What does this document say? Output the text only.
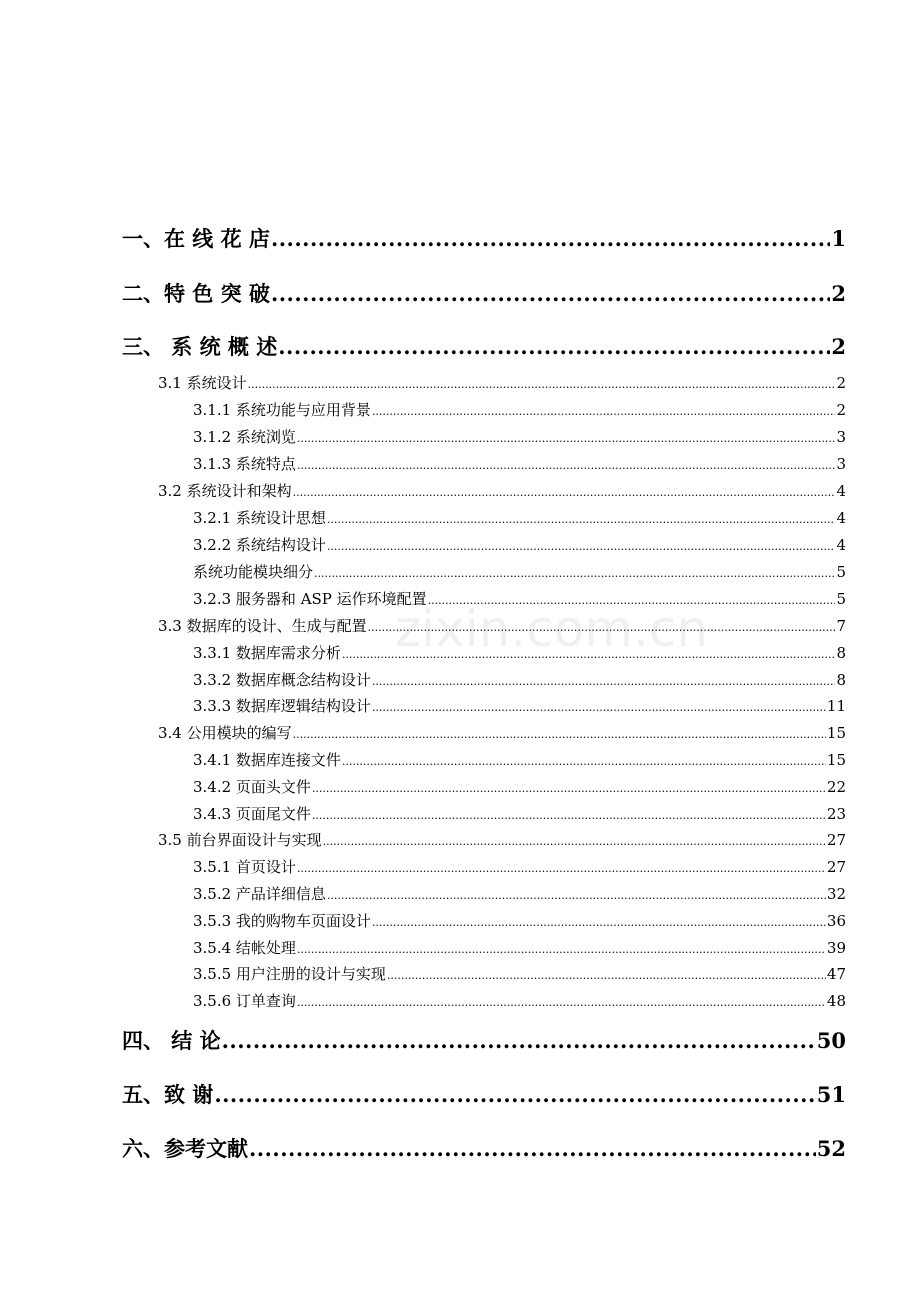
一、在 线 花 店 .....	1
二、特 色 突 破 .....	2
三、 系 统 概 述 .....	2
3.1 系统设计 .....	2
3.1.1 系统功能与应用背景 .....	2
3.1.2 系统浏览 .....	3
3.1.3 系统特点 .....	3
3.2 系统设计和架构 .....	4
3.2.1 系统设计思想 .....	4
3.2.2 系统结构设计 .....	4
系统功能模块细分 .....	5
3.2.3 服务器和 ASP 运作环境配置 .....	5
3.3 数据库的设计、生成与配置 .....	7
3.3.1 数据库需求分析 .....	8
3.3.2 数据库概念结构设计 .....	8
3.3.3 数据库逻辑结构设计 .....	11
3.4 公用模块的编写 .....	15
3.4.1 数据库连接文件 .....	15
3.4.2 页面头文件 .....	22
3.4.3 页面尾文件 .....	23
3.5 前台界面设计与实现 .....	27
3.5.1 首页设计 .....	27
3.5.2 产品详细信息 .....	32
3.5.3 我的购物车页面设计 .....	36
3.5.4 结帐处理 .....	39
3.5.5 用户注册的设计与实现 .....	47
3.5.6 订单查询 .....	48
四、 结 论 .....	50
五、致 谢 .....	51
六、参考文献 .....	52
zixin.com.cn
